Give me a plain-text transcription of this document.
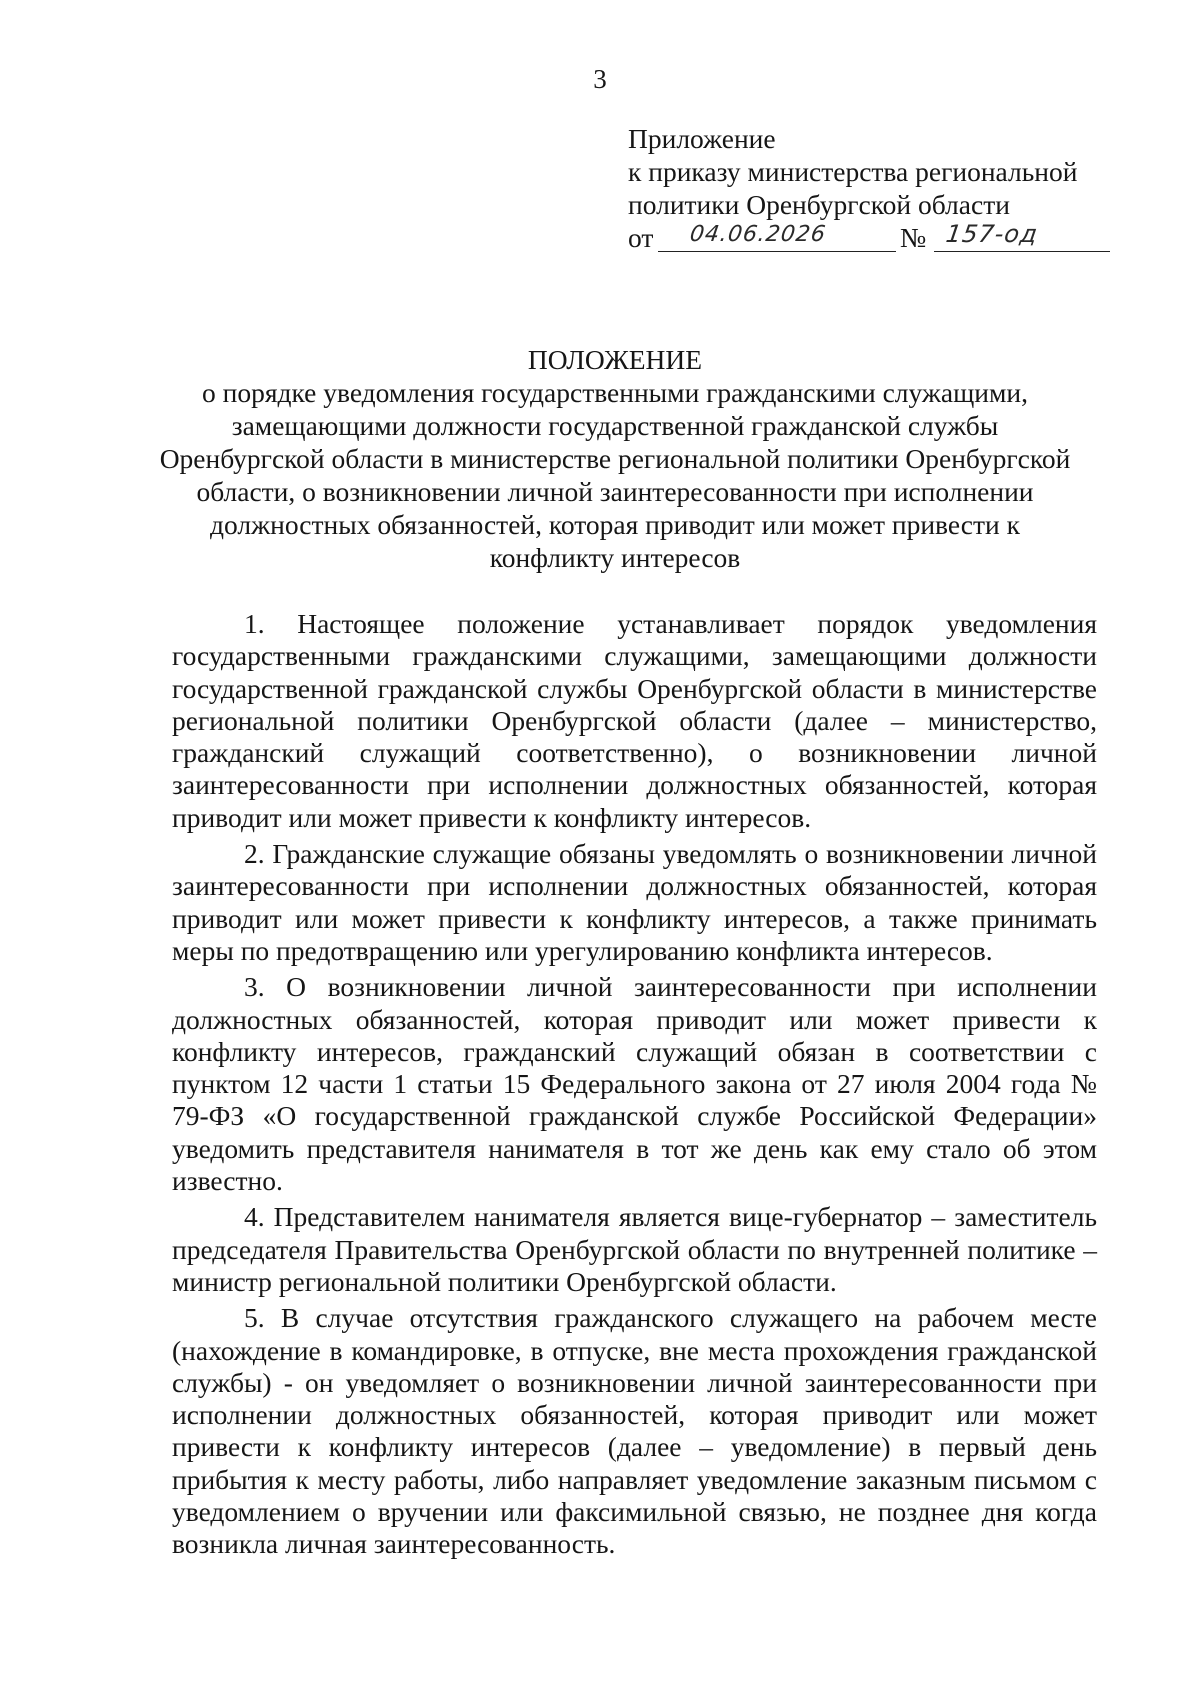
3
Приложение
к приказу министерства региональной
политики Оренбургской области
от 04.06.2026	№ 157-од
ПОЛОЖЕНИЕ
о порядке уведомления государственными гражданскими служащими,
замещающими должности государственной гражданской службы
Оренбургской области в министерстве региональной политики Оренбургской
области, о возникновении личной заинтересованности при исполнении
должностных обязанностей, которая приводит или может привести к
конфликту интересов

1. Настоящее положение устанавливает порядок уведомления государственными гражданскими служащими, замещающими должности государственной гражданской службы Оренбургской области в министерстве региональной политики Оренбургской области (далее – министерство, гражданский служащий соответственно), о возникновении личной заинтересованности при исполнении должностных обязанностей, которая приводит или может привести к конфликту интересов.

2. Гражданские служащие обязаны уведомлять о возникновении личной заинтересованности при исполнении должностных обязанностей, которая приводит или может привести к конфликту интересов, а также принимать меры по предотвращению или урегулированию конфликта интересов.

3. О возникновении личной заинтересованности при исполнении должностных обязанностей, которая приводит или может привести к конфликту интересов, гражданский служащий обязан в соответствии с пунктом 12 части 1 статьи 15 Федерального закона от 27 июля 2004 года № 79-ФЗ «О государственной гражданской службе Российской Федерации» уведомить представителя нанимателя в тот же день как ему стало об этом известно.

4. Представителем нанимателя является вице-губернатор – заместитель председателя Правительства Оренбургской области по внутренней политике – министр региональной политики Оренбургской области.

5. В случае отсутствия гражданского служащего на рабочем месте (нахождение в командировке, в отпуске, вне места прохождения гражданской службы) - он уведомляет о возникновении личной заинтересованности при исполнении должностных обязанностей, которая приводит или может привести к конфликту интересов (далее – уведомление) в первый день прибытия к месту работы, либо направляет уведомление заказным письмом с уведомлением о вручении или факсимильной связью, не позднее дня когда возникла личная заинтересованность.
